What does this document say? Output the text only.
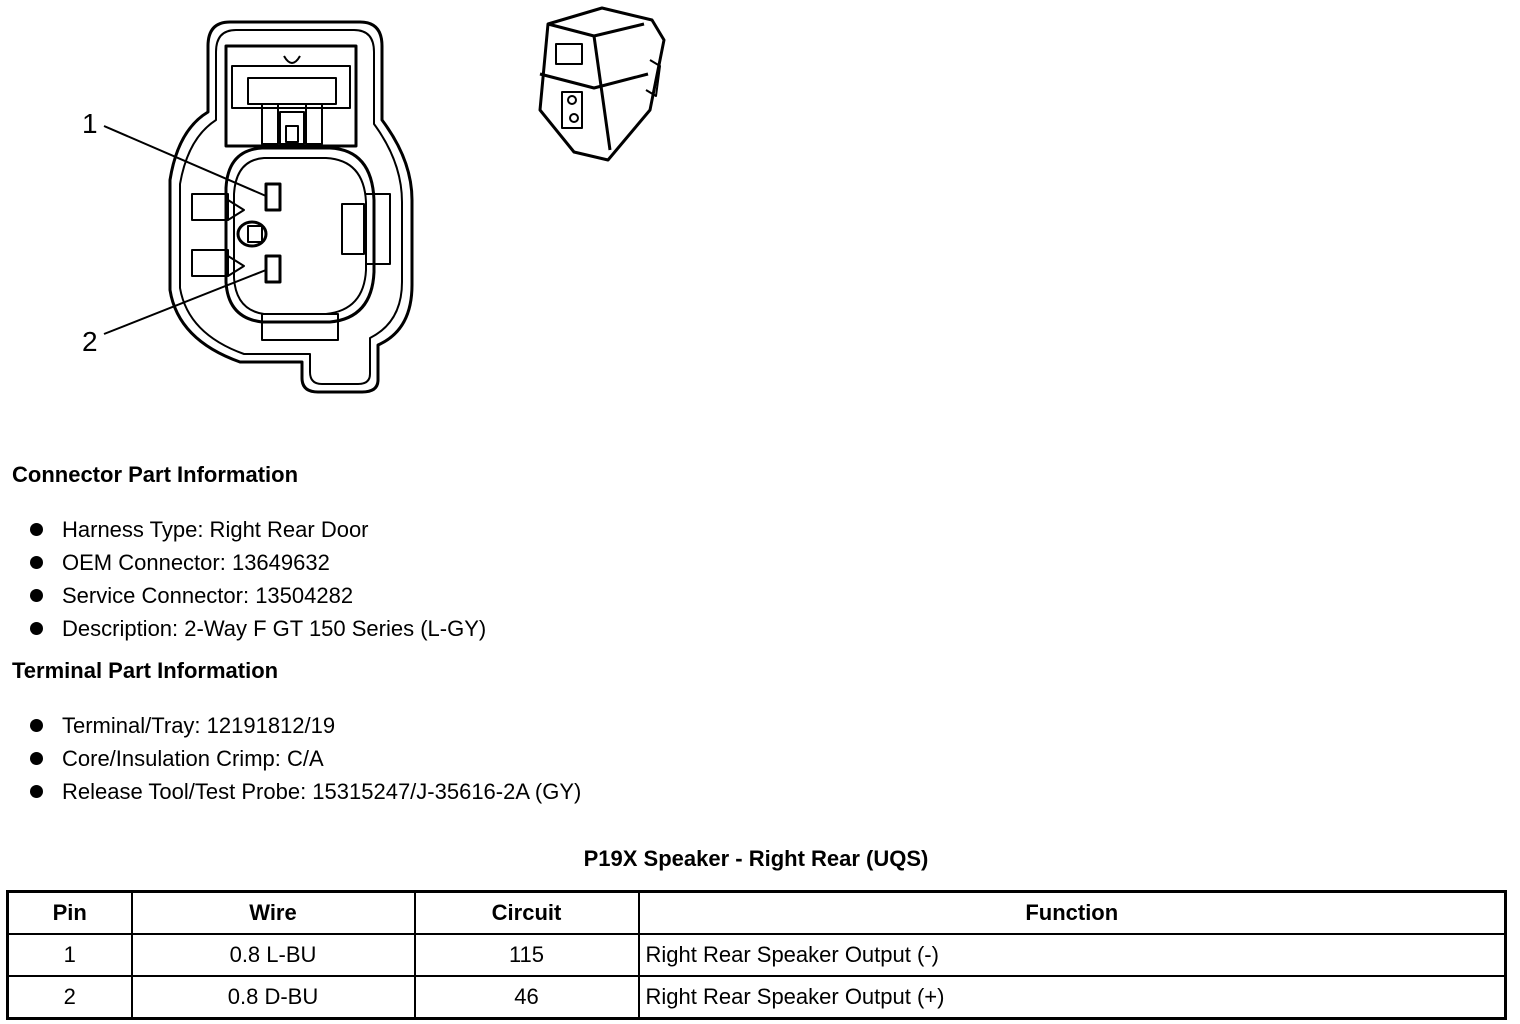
1
2
Connector Part Information
Harness Type: Right Rear Door
OEM Connector: 13649632
Service Connector: 13504282
Description: 2-Way F GT 150 Series (L-GY)
Terminal Part Information
Terminal/Tray: 12191812/19
Core/Insulation Crimp: C/A
Release Tool/Test Probe: 15315247/J-35616-2A (GY)
P19X Speaker - Right Rear (UQS)
Pin	Wire	Circuit	Function
1	0.8 L-BU	115	Right Rear Speaker Output (-)
2	0.8 D-BU	46	Right Rear Speaker Output (+)
